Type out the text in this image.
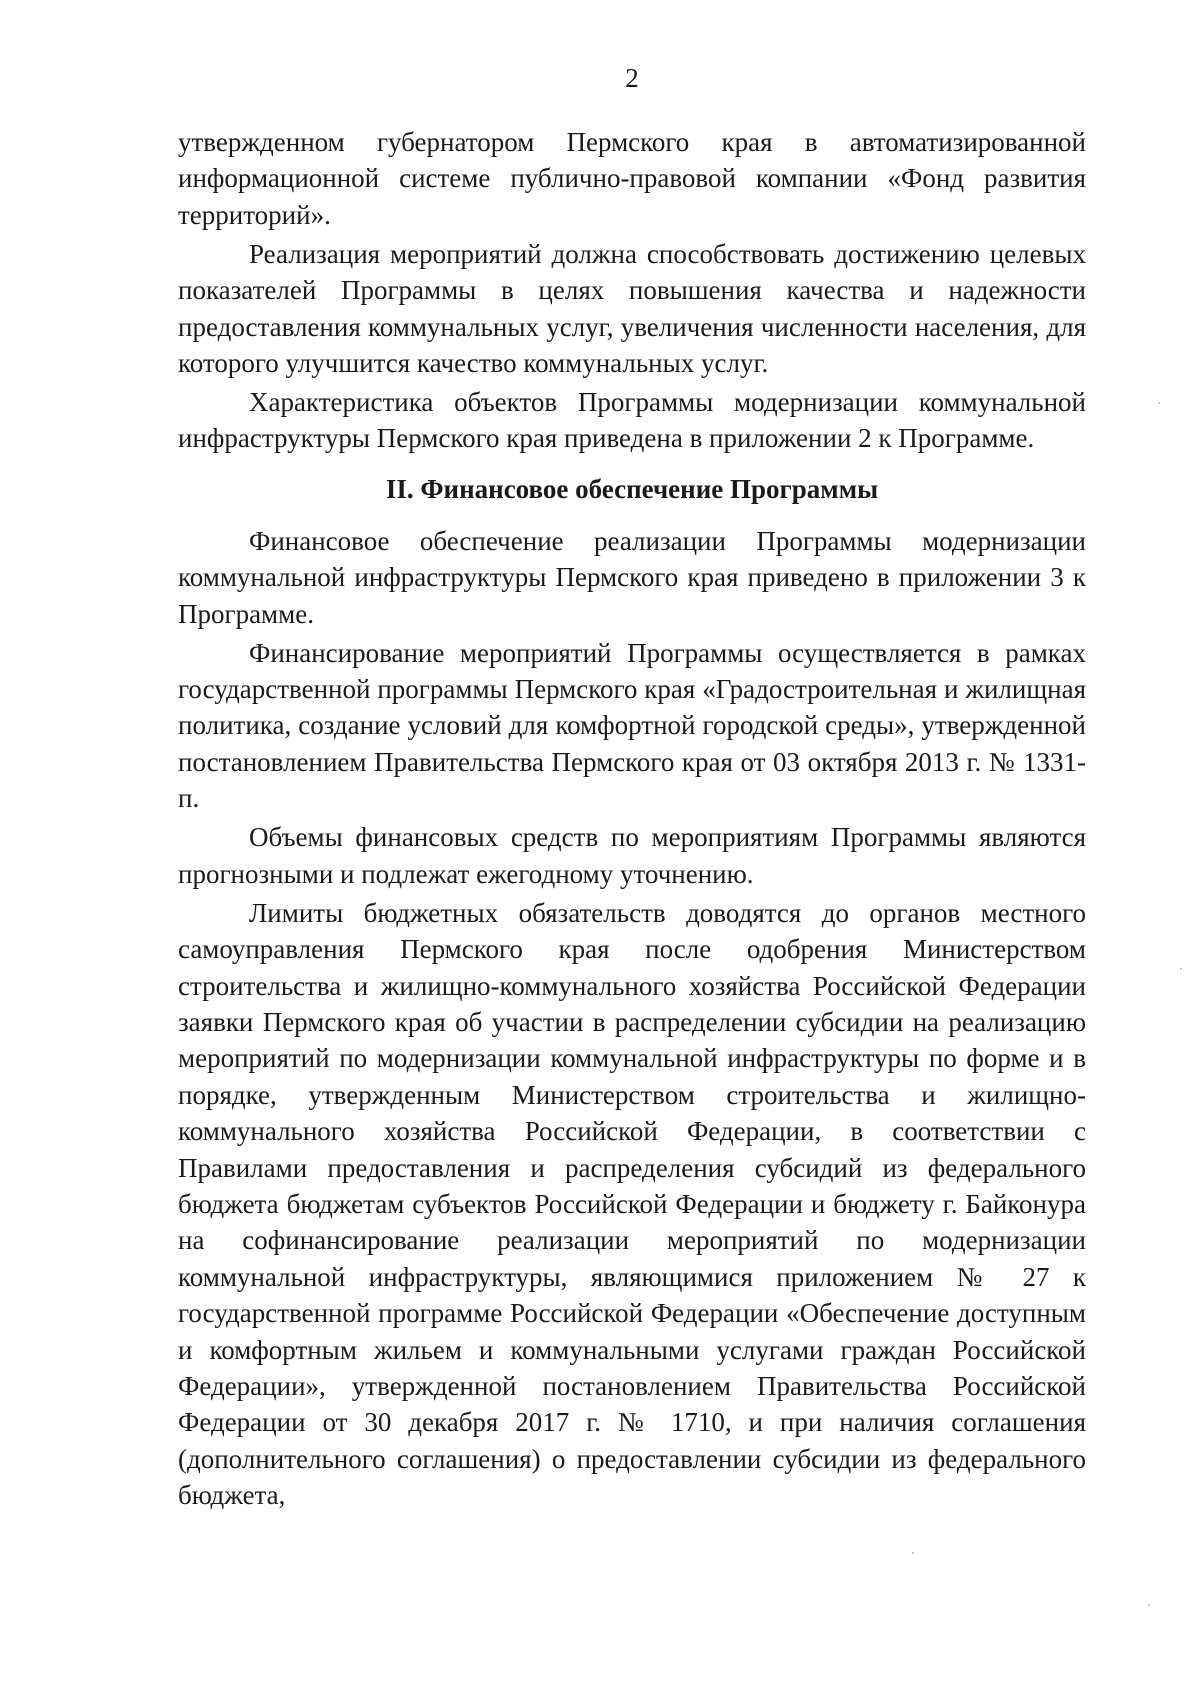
2

утвержденном губернатором Пермского края в автоматизированной информационной системе публично-правовой компании «Фонд развития территорий».

Реализация мероприятий должна способствовать достижению целевых показателей Программы в целях повышения качества и надежности предоставления коммунальных услуг, увеличения численности населения, для которого улучшится качество коммунальных услуг.

Характеристика объектов Программы модернизации коммунальной инфраструктуры Пермского края приведена в приложении 2 к Программе.

II. Финансовое обеспечение Программы

Финансовое обеспечение реализации Программы модернизации коммунальной инфраструктуры Пермского края приведено в приложении 3 к Программе.

Финансирование мероприятий Программы осуществляется в рамках государственной программы Пермского края «Градостроительная и жилищная политика, создание условий для комфортной городской среды», утвержденной постановлением Правительства Пермского края от 03 октября 2013 г. № 1331-п.

Объемы финансовых средств по мероприятиям Программы являются прогнозными и подлежат ежегодному уточнению.

Лимиты бюджетных обязательств доводятся до органов местного самоуправления Пермского края после одобрения Министерством строительства и жилищно-коммунального хозяйства Российской Федерации заявки Пермского края об участии в распределении субсидии на реализацию мероприятий по модернизации коммунальной инфраструктуры по форме и в порядке, утвержденным Министерством строительства и жилищно-коммунального хозяйства Российской Федерации, в соответствии с Правилами предоставления и распределения субсидий из федерального бюджета бюджетам субъектов Российской Федерации и бюджету г. Байконура на софинансирование реализации мероприятий по модернизации коммунальной инфраструктуры, являющимися приложением № 27 к государственной программе Российской Федерации «Обеспечение доступным и комфортным жильем и коммунальными услугами граждан Российской Федерации», утвержденной постановлением Правительства Российской Федерации от 30 декабря 2017 г. № 1710, и при наличия соглашения (дополнительного соглашения) о предоставлении субсидии из федерального бюджета,
